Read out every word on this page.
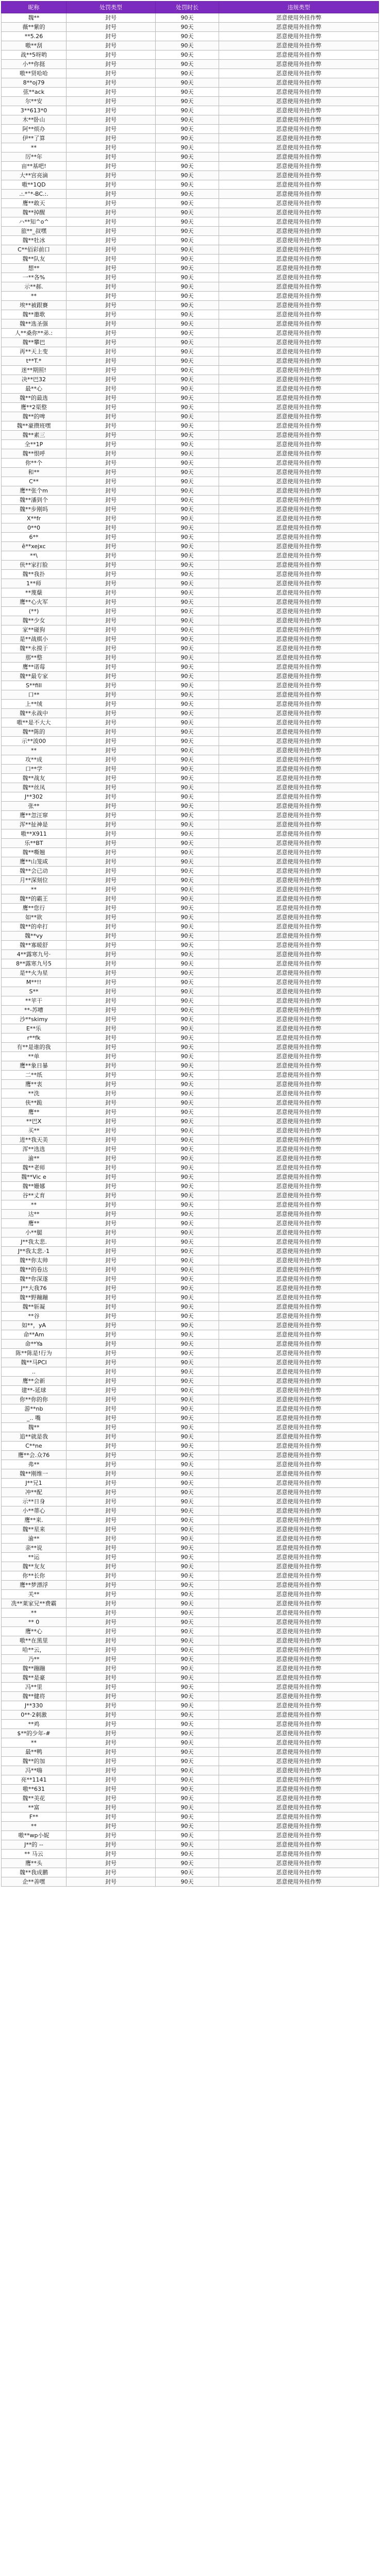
昵称	处罚类型	处罚时长	违规类型
魏**	封号	90天	恶意使用外挂作弊
薇**紫的	封号	90天	恶意使用外挂作弊
**5.26	封号	90天	恶意使用外挂作弊
嗷**刮	封号	90天	恶意使用外挂作弊
战**5呀哟	封号	90天	恶意使用外挂作弊
小**你挺	封号	90天	恶意使用外挂作弊
嗷**贤哈哈	封号	90天	恶意使用外挂作弊
8**oj79	封号	90天	恶意使用外挂作弊
弦**ack	封号	90天	恶意使用外挂作弊
尔**安	封号	90天	恶意使用外挂作弊
3**613*0	封号	90天	恶意使用外挂作弊
木**卧山	封号	90天	恶意使用外挂作弊
阿**烦办	封号	90天	恶意使用外挂作弊
伊**了算	封号	90天	恶意使用外挂作弊
**	封号	90天	恶意使用外挂作弊
厉**年	封号	90天	恶意使用外挂作弊
亩**基吧!	封号	90天	恶意使用外挂作弊
大**宫亮滴	封号	90天	恶意使用外挂作弊
嗷**1QD	封号	90天	恶意使用外挂作弊
.:.*°*-BC.:.	封号	90天	恶意使用外挂作弊
鹰**敢天	封号	90天	恶意使用外挂作弊
魏**掉醒	封号	90天	恶意使用外挂作弊
ハ**知^o^	封号	90天	恶意使用外挂作弊
旅**_叔嘿	封号	90天	恶意使用外挂作弊
魏**牡冰	封号	90天	恶意使用外挂作弊
C**佰彩前口	封号	90天	恶意使用外挂作弊
魏**队友	封号	90天	恶意使用外挂作弊
想**	封号	90天	恶意使用外挂作弊
一**各%	封号	90天	恶意使用外挂作弊
示**郝.	封号	90天	恶意使用外挂作弊
**	封号	90天	恶意使用外挂作弊
埃**被跟賽	封号	90天	恶意使用外挂作弊
魏**邀歌	封号	90天	恶意使用外挂作弊
魏**选圣强	封号	90天	恶意使用外挂作弊
人**桑你**弟.:	封号	90天	恶意使用外挂作弊
魏**攀巴	封号	90天	恶意使用外挂作弊
再**天上变	封号	90天	恶意使用外挂作弊
t**T.*	封号	90天	恶意使用外挂作弊
迷**期照!	封号	90天	恶意使用外挂作弊
决**巴32	封号	90天	恶意使用外挂作弊
最**心	封号	90天	恶意使用外挂作弊
魏**的最选	封号	90天	恶意使用外挂作弊
鹰**2渠整	封号	90天	恶意使用外挂作弊
魏**的啤	封号	90天	恶意使用外挂作弊
魏**豪攒班嘿	封号	90天	恶意使用外挂作弊
魏**素三	封号	90天	恶意使用外挂作弊
全**1P	封号	90天	恶意使用外挂作弊
魏**恨呼	封号	90天	恶意使用外挂作弊
你**个	封号	90天	恶意使用外挂作弊
和**	封号	90天	恶意使用外挂作弊
C**	封号	90天	恶意使用外挂作弊
鹰**张个m	封号	90天	恶意使用外挂作弊
魏**潘到个	封号	90天	恶意使用外挂作弊
魏**步刚吗	封号	90天	恶意使用外挂作弊
X**fr	封号	90天	恶意使用外挂作弊
0**0	封号	90天	恶意使用外挂作弊
6**	封号	90天	恶意使用外挂作弊
ê**xejxc	封号	90天	恶意使用外挂作弊
**\	封号	90天	恶意使用外挂作弊
侠**家打脸	封号	90天	恶意使用外挂作弊
魏**我扑	封号	90天	恶意使用外挂作弊
1**师	封号	90天	恶意使用外挂作弊
**蔑蘖	封号	90天	恶意使用外挂作弊
鹰**心火军	封号	90天	恶意使用外挂作弊
(**)	封号	90天	恶意使用外挂作弊
魏**少女	封号	90天	恶意使用外挂作弊
家**碰狗	封号	90天	恶意使用外挂作弊
是**战棋小	封号	90天	恶意使用外挂作弊
魏**永摸于	封号	90天	恶意使用外挂作弊
那**整	封号	90天	恶意使用外挂作弊
鹰**诺莓	封号	90天	恶意使用外挂作弊
魏**最专家	封号	90天	恶意使用外挂作弊
S**fill	封号	90天	恶意使用外挂作弊
口**	封号	90天	恶意使用外挂作弊
上**绒	封号	90天	恶意使用外挂作弊
魏**永战中	封号	90天	恶意使用外挂作弊
嗷**是不大大	封号	90天	恶意使用外挂作弊
魏**陈的	封号	90天	恶意使用外挂作弊
示**波00	封号	90天	恶意使用外挂作弊
**	封号	90天	恶意使用外挂作弊
攻**成	封号	90天	恶意使用外挂作弊
口**学	封号	90天	恶意使用外挂作弊
魏**战友	封号	90天	恶意使用外挂作弊
魏**丝凤	封号	90天	恶意使用外挂作弊
J**302	封号	90天	恶意使用外挂作弊
张**	封号	90天	恶意使用外挂作弊
鹰**忽汪窜	封号	90天	恶意使用外挂作弊
浑**扯神是	封号	90天	恶意使用外挂作弊
嗷**X911	封号	90天	恶意使用外挂作弊
乐**BT	封号	90天	恶意使用外挂作弊
魏**嘶翘	封号	90天	恶意使用外挂作弊
鹰**山笼咸	封号	90天	恶意使用外挂作弊
魏**会已动	封号	90天	恶意使用外挂作弊
月**深刻位	封号	90天	恶意使用外挂作弊
**	封号	90天	恶意使用外挂作弊
魏**的霸王	封号	90天	恶意使用外挂作弊
鹰**您行	封号	90天	恶意使用外挂作弊
如**欲	封号	90天	恶意使用外挂作弊
魏**的牵打	封号	90天	恶意使用外挂作弊
魏**vy	封号	90天	恶意使用外挂作弊
魏**寡暖舒	封号	90天	恶意使用外挂作弊
4**露寒九号·	封号	90天	恶意使用外挂作弊
8**露寒九号5	封号	90天	恶意使用外挂作弊
是**火为星	封号	90天	恶意使用外挂作弊
M**!!	封号	90天	恶意使用外挂作弊
S**	封号	90天	恶意使用外挂作弊
**苹干	封号	90天	恶意使用外挂作弊
**-苏嘈	封号	90天	恶意使用外挂作弊
沙**skimy	封号	90天	恶意使用外挂作弊
E**乐	封号	90天	恶意使用外挂作弊
r**fk	封号	90天	恶意使用外挂作弊
有**是谁的我	封号	90天	恶意使用外挂作弊
**单	封号	90天	恶意使用外挂作弊
鹰**象日暴	封号	90天	恶意使用外挂作弊
二**纸	封号	90天	恶意使用外挂作弊
鹰**衷	封号	90天	恶意使用外挂作弊
**洗	封号	90天	恶意使用外挂作弊
侠**跪	封号	90天	恶意使用外挂作弊
鹰**	封号	90天	恶意使用外挂作弊
**巴X	封号	90天	恶意使用外挂作弊
买**	封号	90天	恶意使用外挂作弊
进**我天美	封号	90天	恶意使用外挂作弊
浑**选选	封号	90天	恶意使用外挂作弊
渝**	封号	90天	恶意使用外挂作弊
魏**老师	封号	90天	恶意使用外挂作弊
魏**Vic e	封号	90天	恶意使用外挂作弊
魏**姗娜	封号	90天	恶意使用外挂作弊
谷**丈育	封号	90天	恶意使用外挂作弊
**	封号	90天	恶意使用外挂作弊
达**	封号	90天	恶意使用外挂作弊
鹰**	封号	90天	恶意使用外挂作弊
小**腿	封号	90天	恶意使用外挂作弊
J**我太悲.	封号	90天	恶意使用外挂作弊
J**我太悲.·1	封号	90天	恶意使用外挂作弊
魏**你太帅	封号	90天	恶意使用外挂作弊
魏**的卷达	封号	90天	恶意使用外挂作弊
魏**你深遂	封号	90天	恶意使用外挂作弊
J**大我76	封号	90天	恶意使用外挂作弊
魏**野蹦蹦	封号	90天	恶意使用外挂作弊
魏**斩凝	封号	90天	恶意使用外挂作弊
**谷	封号	90天	恶意使用外挂作弊
如**，yA	封号	90天	恶意使用外挂作弊
命**Am	封号	90天	恶意使用外挂作弊
命**Ya	封号	90天	恶意使用外挂作弊
陈**陈是!行为	封号	90天	恶意使用外挂作弊
魏**马PCI	封号	90天	恶意使用外挂作弊
..	封号	90天	恶意使用外挂作弊
鹰**会新	封号	90天	恶意使用外挂作弊
建**-延球	封号	90天	恶意使用外挂作弊
你**你的你	封号	90天	恶意使用外挂作弊
游**nb	封号	90天	恶意使用外挂作弊
_.. 嘴	封号	90天	恶意使用外挂作弊
魏**	封号	90天	恶意使用外挂作弊
追**就是我	封号	90天	恶意使用外挂作弊
C**ne	封号	90天	恶意使用外挂作弊
鹰**会.众76	封号	90天	恶意使用外挂作弊
弗**	封号	90天	恶意使用外挂作弊
魏**刚维一	封号	90天	恶意使用外挂作弊
J**兄1	封号	90天	恶意使用外挂作弊
冲**配	封号	90天	恶意使用外挂作弊
示**日身	封号	90天	恶意使用外挂作弊
小**蒂心	封号	90天	恶意使用外挂作弊
鹰**来.	封号	90天	恶意使用外挂作弊
魏**星来	封号	90天	恶意使用外挂作弊
渝**	封号	90天	恶意使用外挂作弊
亲**说	封号	90天	恶意使用外挂作弊
**运	封号	90天	恶意使用外挂作弊
魏**友友	封号	90天	恶意使用外挂作弊
你**长你	封号	90天	恶意使用外挂作弊
鹰**梦漂浮	封号	90天	恶意使用外挂作弊
关**	封号	90天	恶意使用外挂作弊
冼**莱家兄**费霸	封号	90天	恶意使用外挂作弊
**	封号	90天	恶意使用外挂作弊
** 0	封号	90天	恶意使用外挂作弊
鹰**心	封号	90天	恶意使用外挂作弊
嗷**在黑里	封号	90天	恶意使用外挂作弊
哈**云，	封号	90天	恶意使用外挂作弊
乃**	封号	90天	恶意使用外挂作弊
魏**蹦蹦	封号	90天	恶意使用外挂作弊
魏**是豪	封号	90天	恶意使用外挂作弊
冯**里	封号	90天	恶意使用外挂作弊
魏**健将	封号	90天	恶意使用外挂作弊
J**330	封号	90天	恶意使用外挂作弊
0**·2刺激	封号	90天	恶意使用外挂作弊
**鸡	封号	90天	恶意使用外挂作弊
$**的少年-#	封号	90天	恶意使用外挂作弊
**	封号	90天	恶意使用外挂作弊
最**鸭	封号	90天	恶意使用外挂作弊
魏**的加	封号	90天	恶意使用外挂作弊
冯**嗨	封号	90天	恶意使用外挂作弊
亮**1141	封号	90天	恶意使用外挂作弊
嗷**631	封号	90天	恶意使用外挂作弊
魏**美花	封号	90天	恶意使用外挂作弊
**富	封号	90天	恶意使用外挂作弊
F**	封号	90天	恶意使用外挂作弊
**	封号	90天	恶意使用外挂作弊
嗷**wp小妮	封号	90天	恶意使用外挂作弊
J**的 --	封号	90天	恶意使用外挂作弊
** 马云	封号	90天	恶意使用外挂作弊
鹰**头	封号	90天	恶意使用外挂作弊
魏**我成鹏	封号	90天	恶意使用外挂作弊
企**善嘿	封号	90天	恶意使用外挂作弊
